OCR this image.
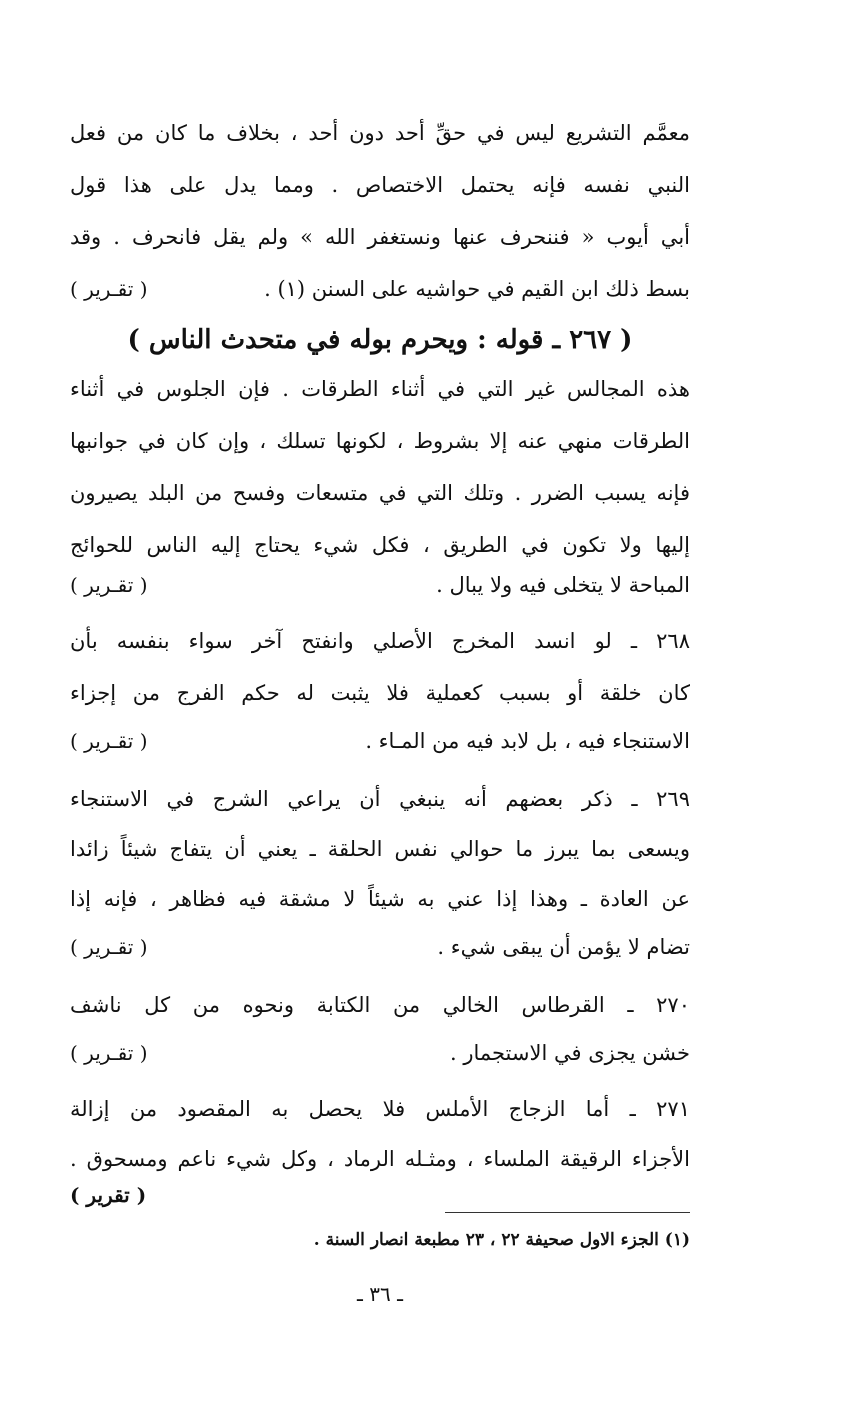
معمَّم التشريع ليس في حقِّ أحد دون أحد ، بخلاف ما كان من فعل
النبي نفسه فإنه يحتمل الاختصاص . ومما يدل على هذا قول
أبي أيوب « فننحرف عنها ونستغفر الله » ولم يقل فانحرف . وقد
بسط ذلك ابن القيم في حواشيه على السنن (١) .
( تقـرير )
( ٢٦٧ ـ قوله : ويحرم بوله في متحدث الناس )
هذه المجالس غير التي في أثناء الطرقات . فإن الجلوس في أثناء
الطرقات منهي عنه إلا بشروط ، لكونها تسلك ، وإن كان في جوانبها
فإنه يسبب الضرر . وتلك التي في متسعات وفسح من البلد يصيرون
إليها ولا تكون في الطريق ، فكل شيء يحتاج إليه الناس للحوائج
المباحة لا يتخلى فيه ولا يبال .
( تقـرير )
٢٦٨ ـ لو انسد المخرج الأصلي وانفتح آخر سواء بنفسه بأن
كان خلقة أو بسبب كعملية فلا يثبت له حكم الفرج من إجزاء
الاستنجاء فيه ، بل لابد فيه من المـاء .
( تقـرير )
٢٦٩ ـ ذكر بعضهم أنه ينبغي أن يراعي الشرج في الاستنجاء
ويسعى بما يبرز ما حوالي نفس الحلقة ـ يعني أن يتفاج شيئاً زائدا
عن العادة ـ وهذا إذا عني به شيئاً لا مشقة فيه فظاهر ، فإنه إذا
تضام لا يؤمن أن يبقى شيء .
( تقـرير )
٢٧٠ ـ القرطاس الخالي من الكتابة ونحوه من كل ناشف
خشن يجزى في الاستجمار .
( تقـرير )
٢٧١ ـ أما الزجاج الأملس فلا يحصل به المقصود من إزالة
الأجزاء الرقيقة الملساء ، ومثـله الرماد ، وكل شيء ناعم ومسحوق .
( تقرير )
(١) الجزء الاول صحيفة ٢٢ ، ٢٣ مطبعة انصار السنة .
ـ ٣٦ ـ
